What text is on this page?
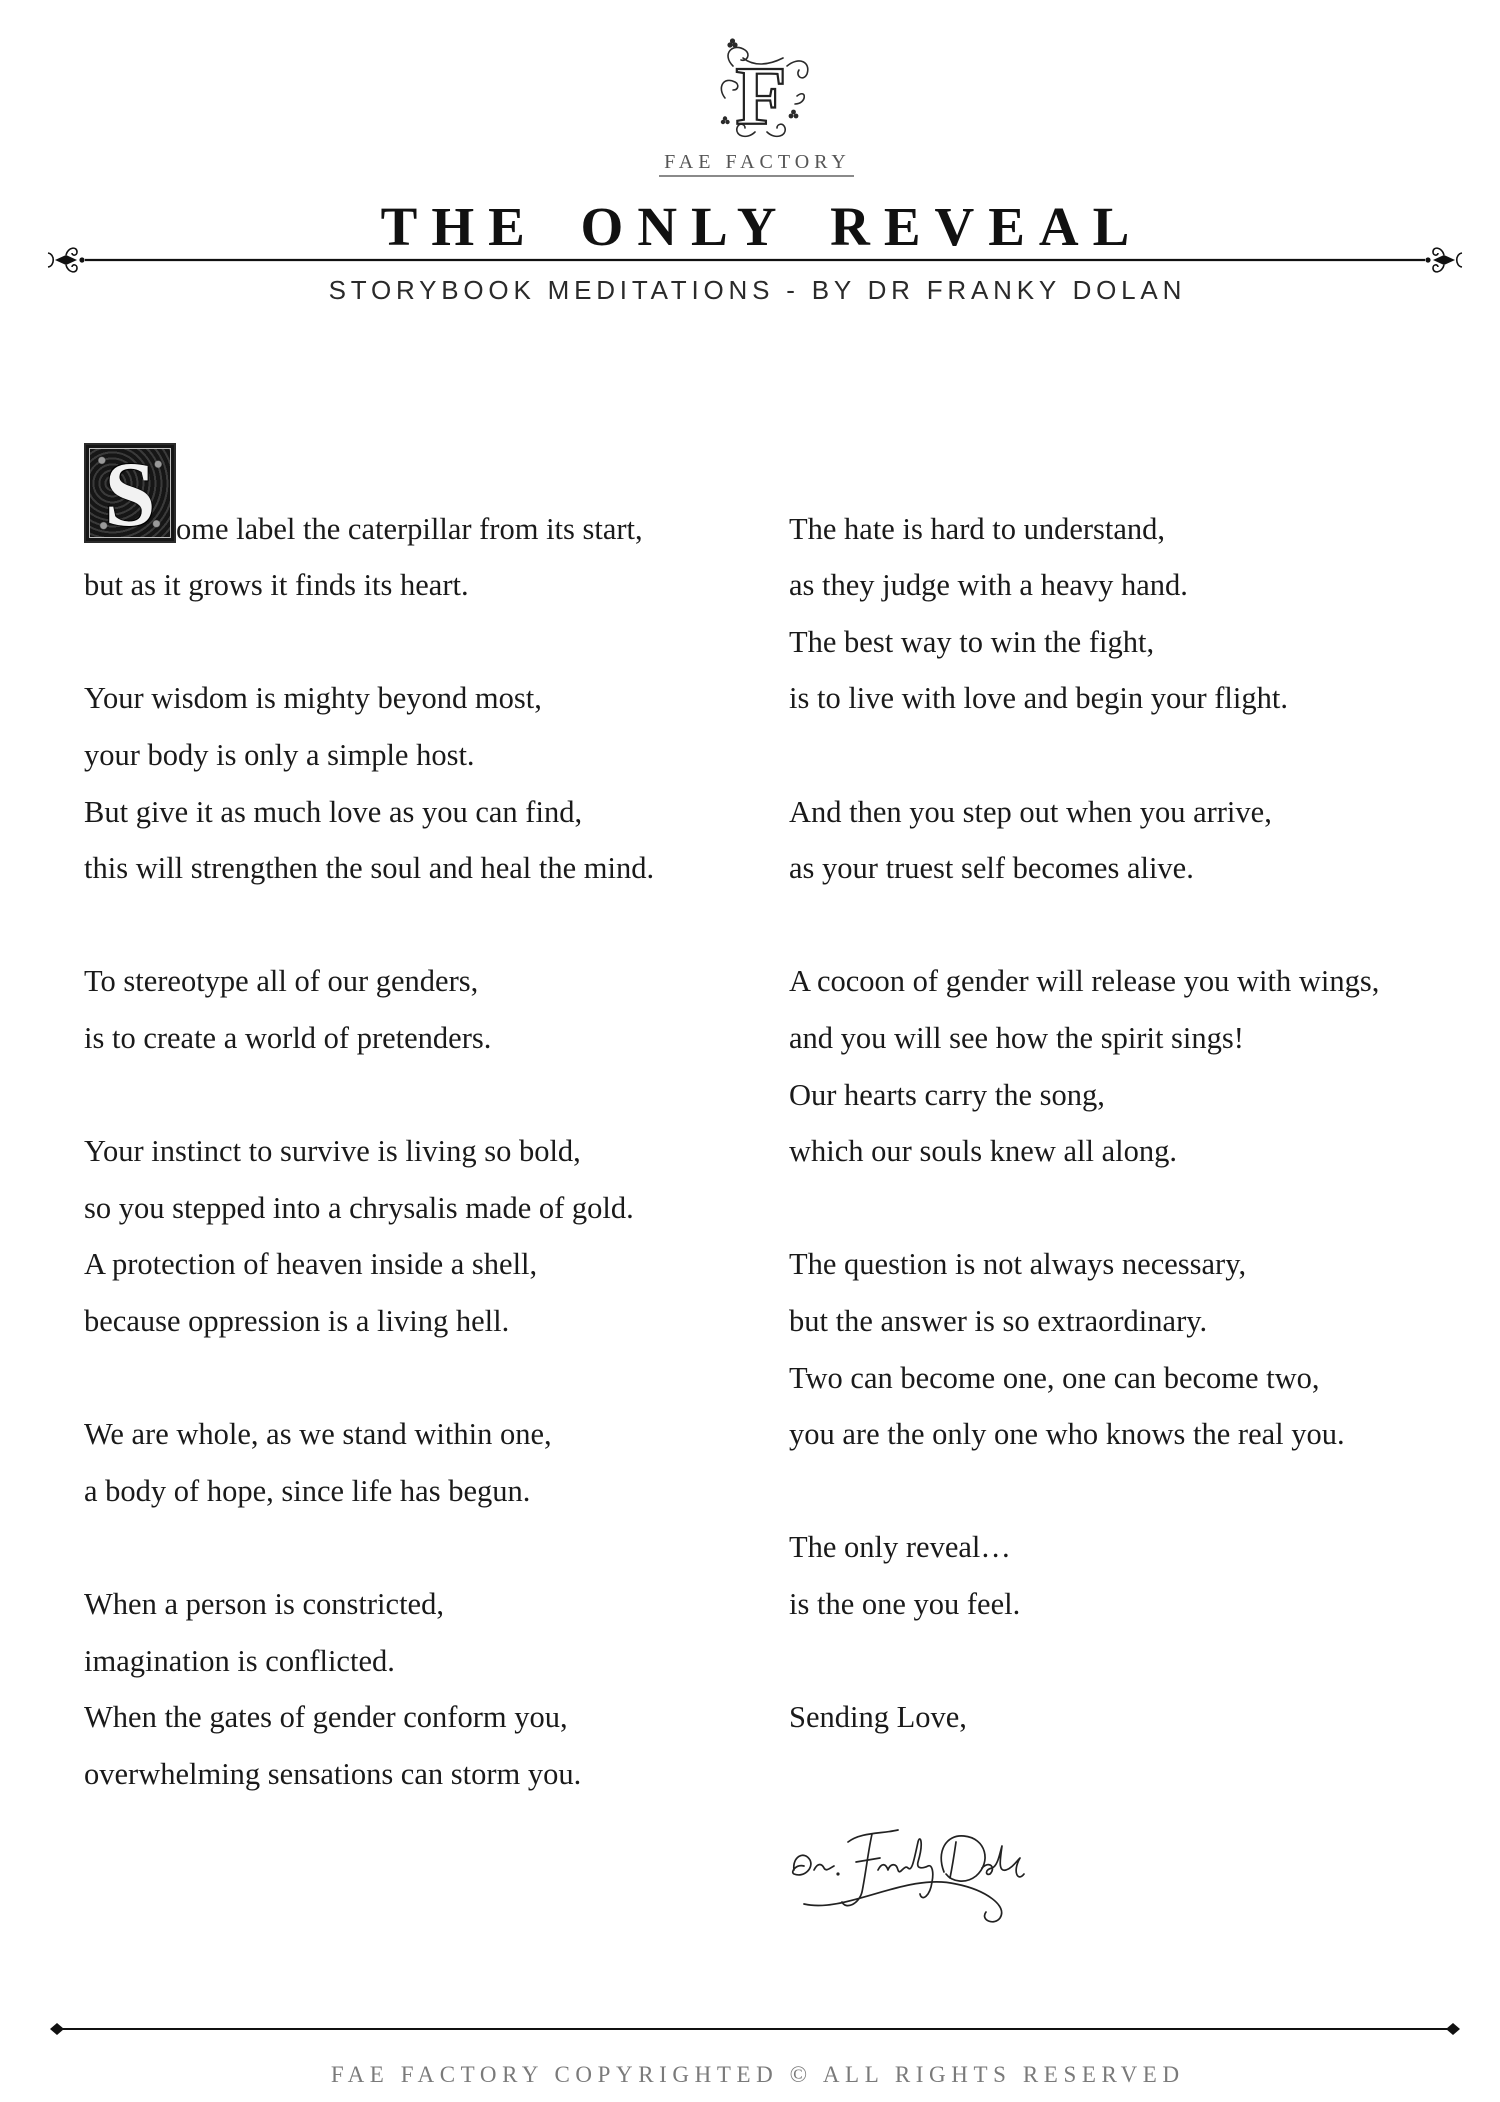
F
FAE FACTORY
THE ONLY REVEAL
STORYBOOK MEDITATIONS - BY DR FRANKY DOLAN
S ome label the caterpillar from its start,
but as it grows it finds its heart.
Your wisdom is mighty beyond most,
your body is only a simple host.
But give it as much love as you can find,
this will strengthen the soul and heal the mind.
To stereotype all of our genders,
is to create a world of pretenders.
Your instinct to survive is living so bold,
so you stepped into a chrysalis made of gold.
A protection of heaven inside a shell,
because oppression is a living hell.
We are whole, as we stand within one,
a body of hope, since life has begun.
When a person is constricted,
imagination is conflicted.
When the gates of gender conform you,
overwhelming sensations can storm you.
The hate is hard to understand,
as they judge with a heavy hand.
The best way to win the fight,
is to live with love and begin your flight.
And then you step out when you arrive,
as your truest self becomes alive.
A cocoon of gender will release you with wings,
and you will see how the spirit sings!
Our hearts carry the song,
which our souls knew all along.
The question is not always necessary,
but the answer is so extraordinary.
Two can become one, one can become two,
you are the only one who knows the real you.
The only reveal…
is the one you feel.
Sending Love,
FAE FACTORY COPYRIGHTED © ALL RIGHTS RESERVED
